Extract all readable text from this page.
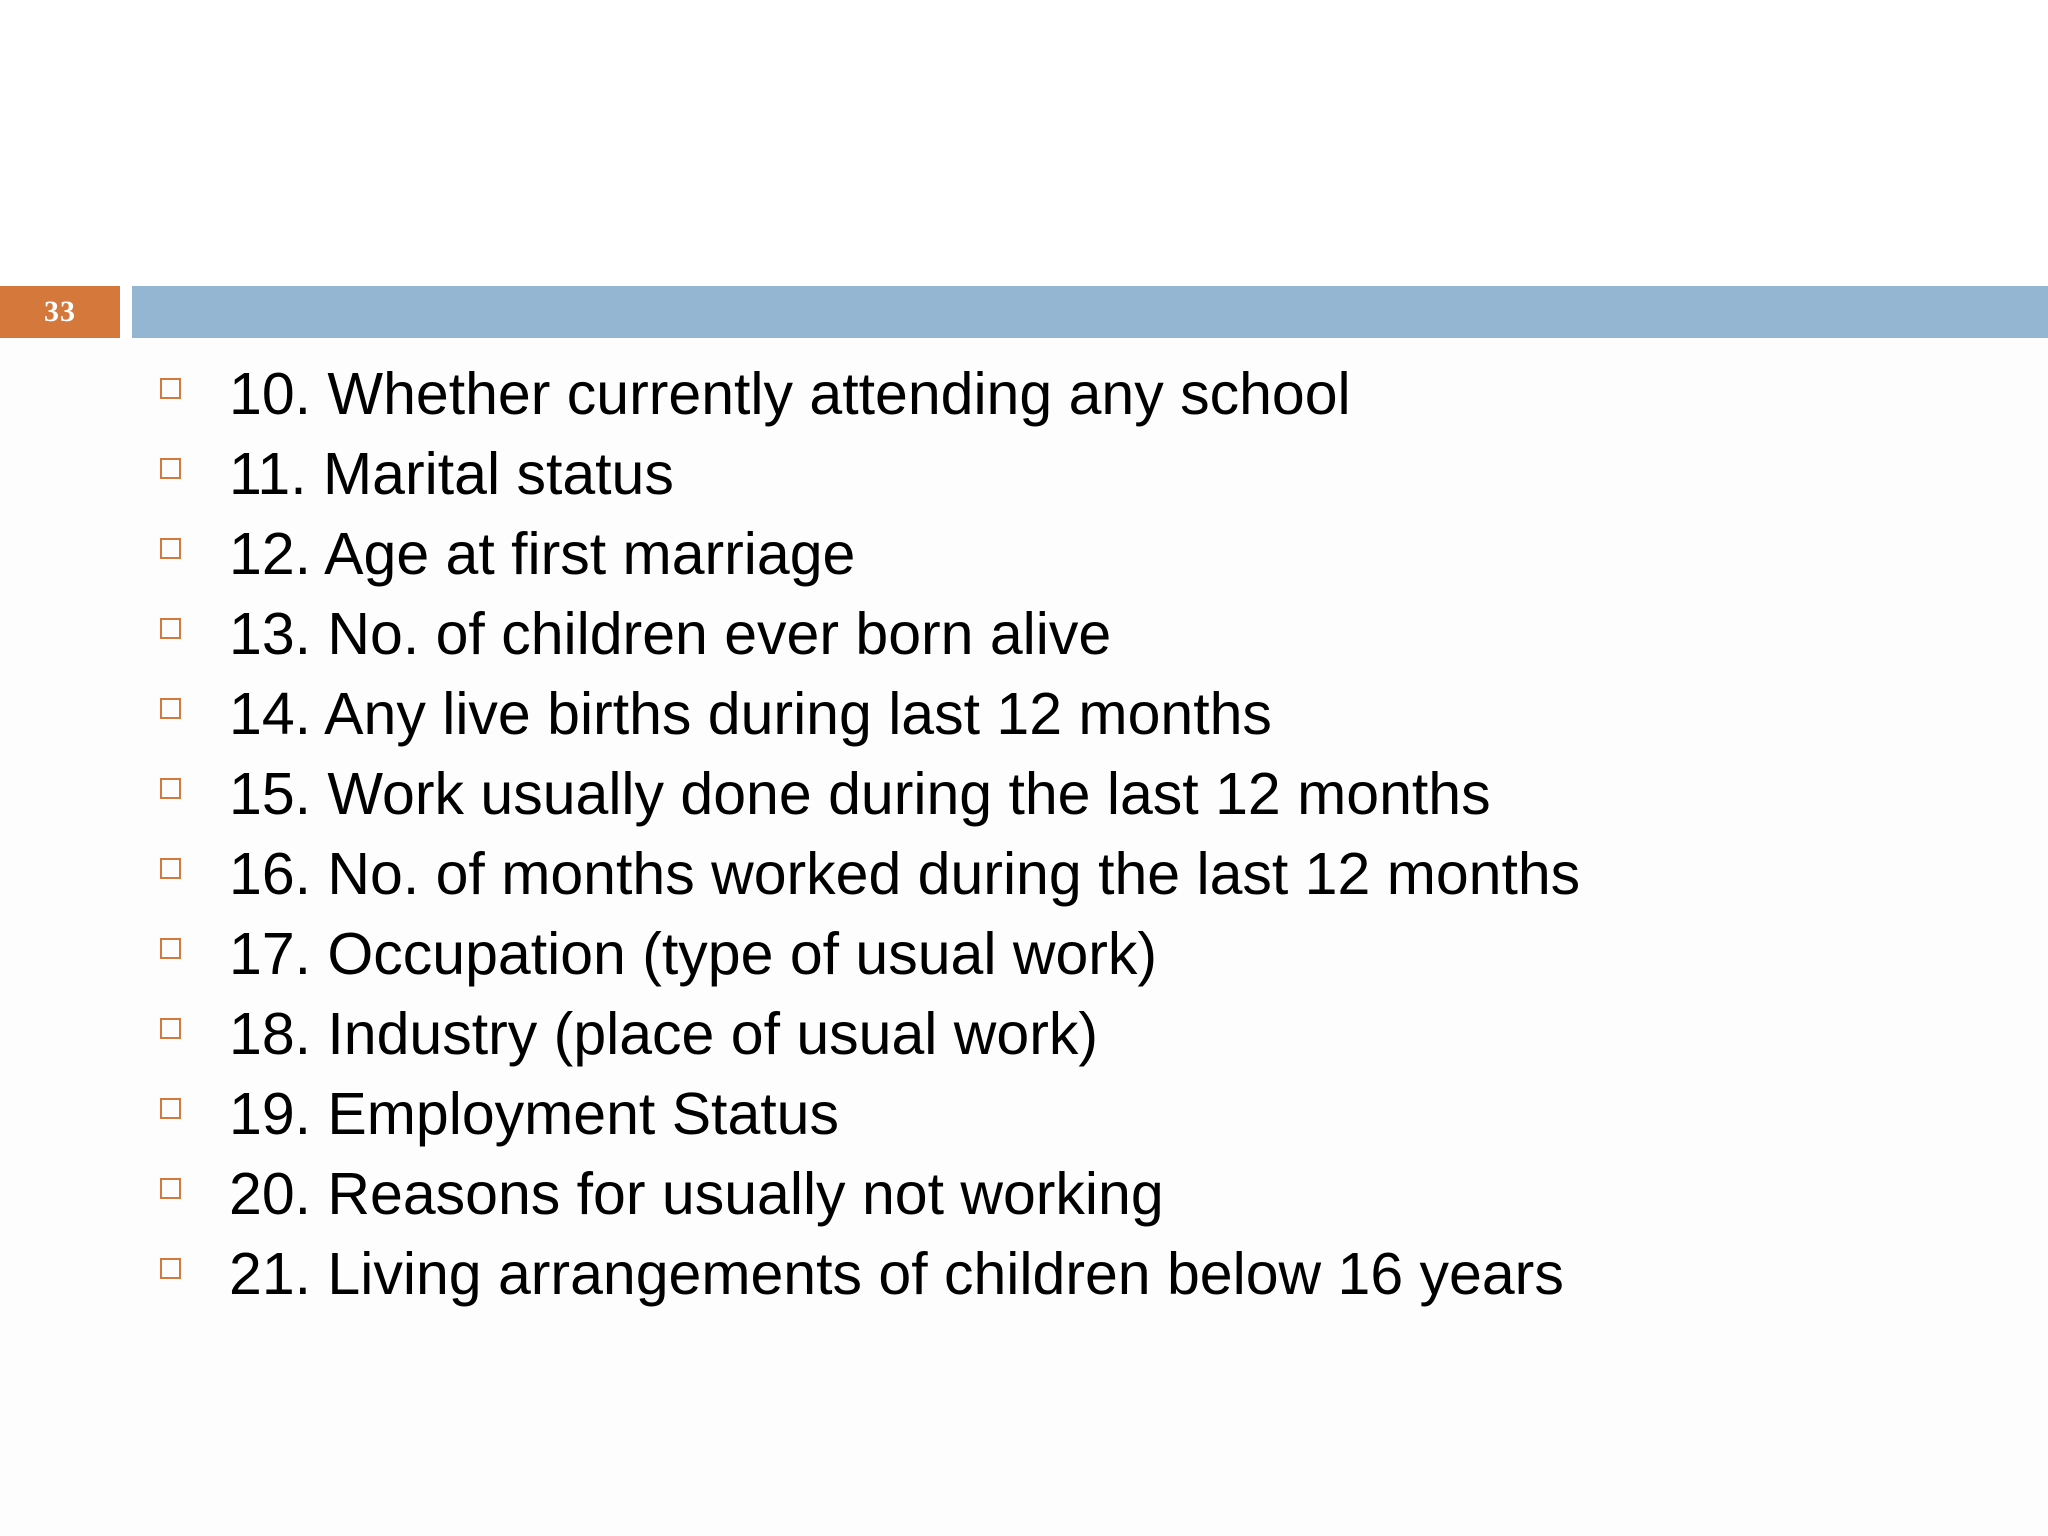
33
10. Whether currently attending any school
11. Marital status
12. Age at first marriage
13. No. of children ever born alive
14. Any live births during last 12 months
15. Work usually done during the last 12 months
16. No. of months worked during the last 12 months
17. Occupation (type of usual work)
18. Industry (place of usual work)
19. Employment Status
20. Reasons for usually not working
21. Living arrangements of children below 16 years
